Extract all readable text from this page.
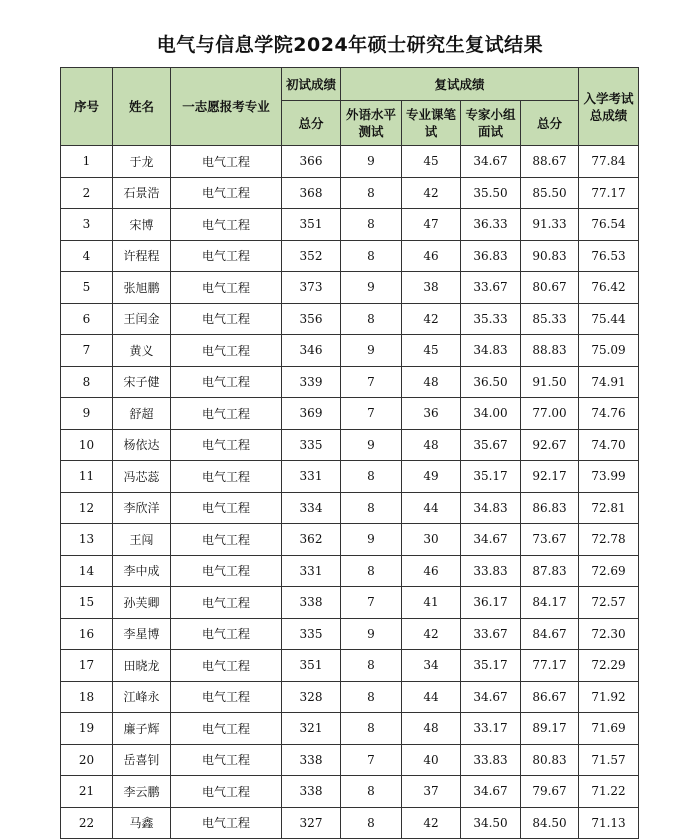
电气与信息学院2024年硕士研究生复试结果
序号	姓名	一志愿报考专业	初试成绩	复试成绩				入学考试总成绩
			总分	外语水平测试	专业课笔试	专家小组面试	总分	
1	于龙	电气工程	366	9	45	34.67	88.67	77.84
2	石景浩	电气工程	368	8	42	35.50	85.50	77.17
3	宋博	电气工程	351	8	47	36.33	91.33	76.54
4	许程程	电气工程	352	8	46	36.83	90.83	76.53
5	张旭鹏	电气工程	373	9	38	33.67	80.67	76.42
6	王闰金	电气工程	356	8	42	35.33	85.33	75.44
7	黄义	电气工程	346	9	45	34.83	88.83	75.09
8	宋子健	电气工程	339	7	48	36.50	91.50	74.91
9	舒超	电气工程	369	7	36	34.00	77.00	74.76
10	杨依达	电气工程	335	9	48	35.67	92.67	74.70
11	冯芯蕊	电气工程	331	8	49	35.17	92.17	73.99
12	李欣洋	电气工程	334	8	44	34.83	86.83	72.81
13	王闯	电气工程	362	9	30	34.67	73.67	72.78
14	李中成	电气工程	331	8	46	33.83	87.83	72.69
15	孙芙卿	电气工程	338	7	41	36.17	84.17	72.57
16	李星博	电气工程	335	9	42	33.67	84.67	72.30
17	田晓龙	电气工程	351	8	34	35.17	77.17	72.29
18	江峰永	电气工程	328	8	44	34.67	86.67	71.92
19	廉子辉	电气工程	321	8	48	33.17	89.17	71.69
20	岳喜钊	电气工程	338	7	40	33.83	80.83	71.57
21	李云鹏	电气工程	338	8	37	34.67	79.67	71.22
22	马鑫	电气工程	327	8	42	34.50	84.50	71.13
